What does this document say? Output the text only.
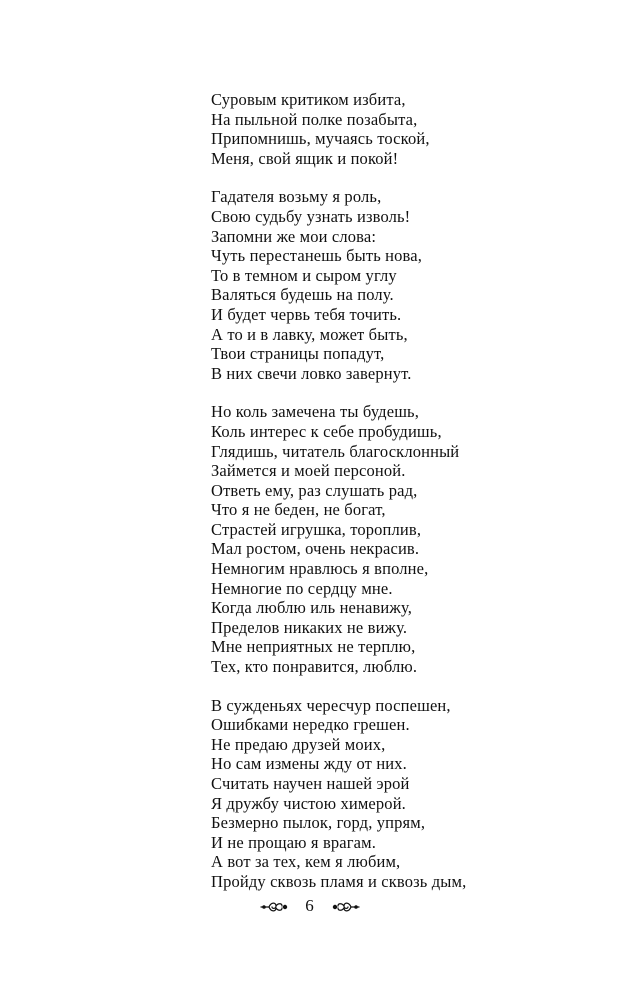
Суровым критиком избита,
На пыльной полке позабыта,
Припомнишь, мучаясь тоской,
Меня, свой ящик и покой!
Гадателя возьму я роль,
Свою судьбу узнать изволь!
Запомни же мои слова:
Чуть перестанешь быть нова,
То в темном и сыром углу
Валяться будешь на полу.
И будет червь тебя точить.
А то и в лавку, может быть,
Твои страницы попадут,
В них свечи ловко завернут.
Но коль замечена ты будешь,
Коль интерес к себе пробудишь,
Глядишь, читатель благосклонный
Займется и моей персоной.
Ответь ему, раз слушать рад,
Что я не беден, не богат,
Страстей игрушка, тороплив,
Мал ростом, очень некрасив.
Немногим нравлюсь я вполне,
Немногие по сердцу мне.
Когда люблю иль ненавижу,
Пределов никаких не вижу.
Мне неприятных не терплю,
Тех, кто понравится, люблю.
В сужденьях чересчур поспешен,
Ошибками нередко грешен.
Не предаю друзей моих,
Но сам измены жду от них.
Считать научен нашей эрой
Я дружбу чистою химерой.
Безмерно пылок, горд, упрям,
И не прощаю я врагам.
А вот за тех, кем я любим,
Пройду сквозь пламя и сквозь дым,
6
